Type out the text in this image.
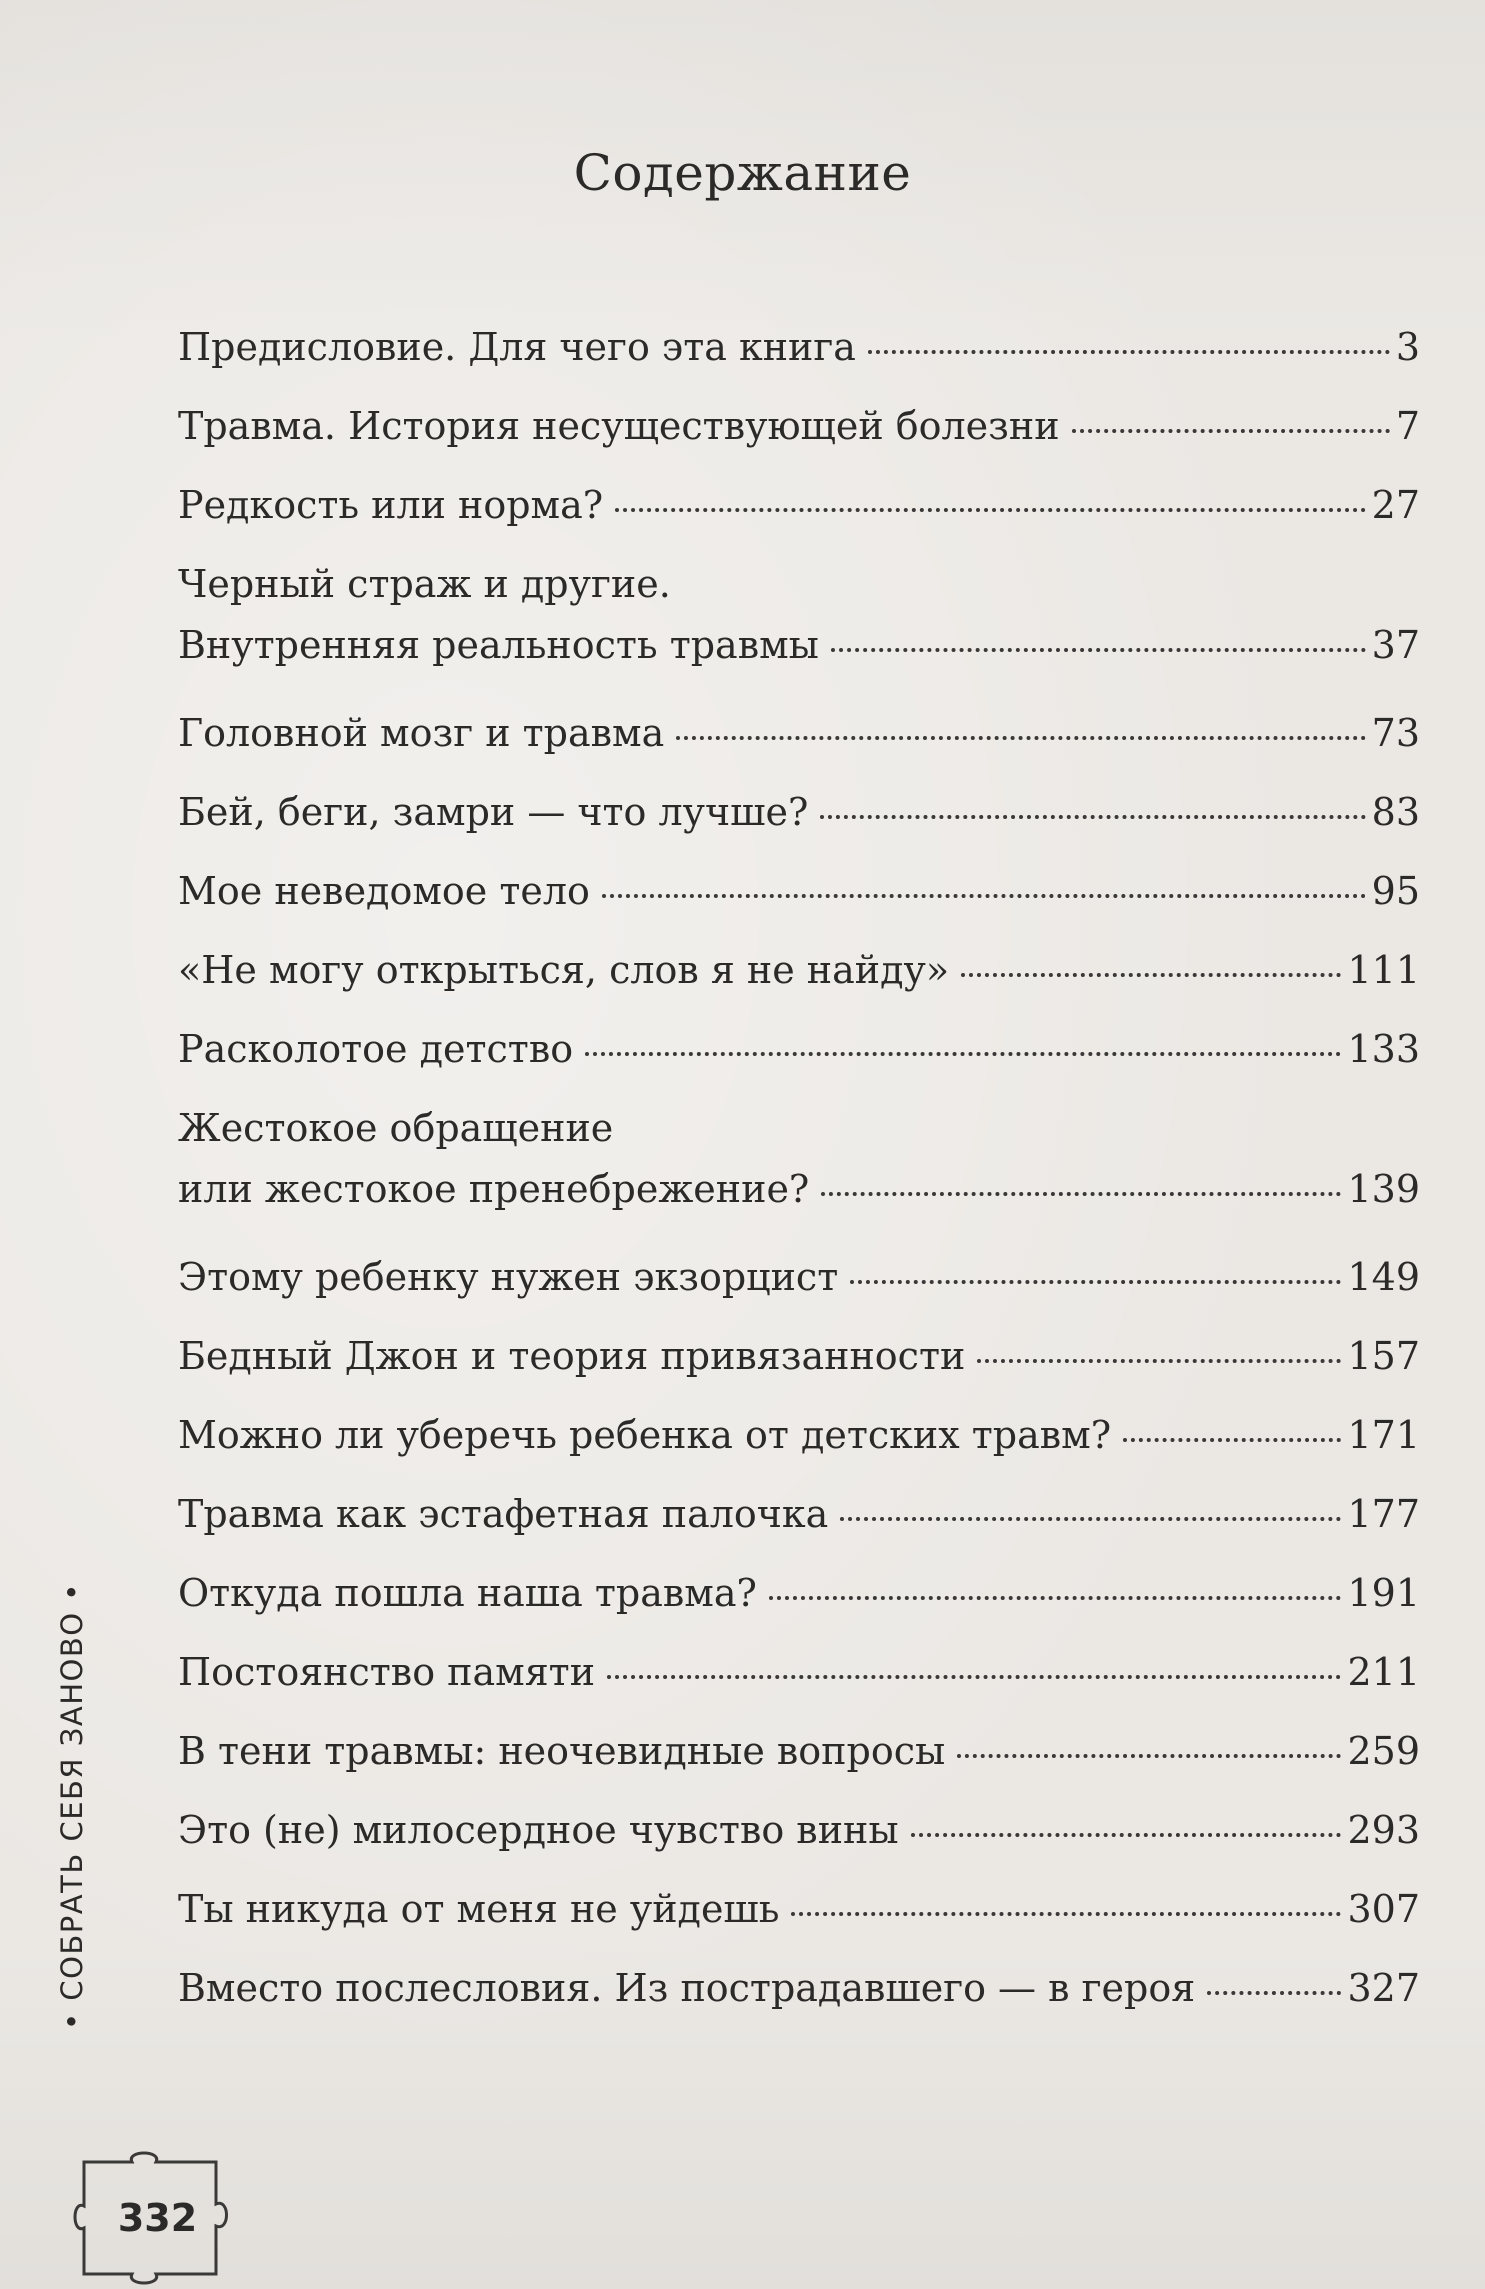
Содержание
Предисловие. Для чего эта книга	3
Травма. История несуществующей болезни	7
Редкость или норма?	27
Черный страж и другие.
Внутренняя реальность травмы	37
Головной мозг и травма	73
Бей, беги, замри — что лучше?	83
Мое неведомое тело	95
«Не могу открыться, слов я не найду»	111
Расколотое детство	133
Жестокое обращение
или жестокое пренебрежение?	139
Этому ребенку нужен экзорцист	149
Бедный Джон и теория привязанности	157
Можно ли уберечь ребенка от детских травм?	171
Травма как эстафетная палочка	177
Откуда пошла наша травма?	191
Постоянство памяти	211
В тени травмы: неочевидные вопросы	259
Это (не) милосердное чувство вины	293
Ты никуда от меня не уйдешь	307
Вместо послесловия. Из пострадавшего — в героя	327
• СОБРАТЬ СЕБЯ ЗАНОВО •
332
